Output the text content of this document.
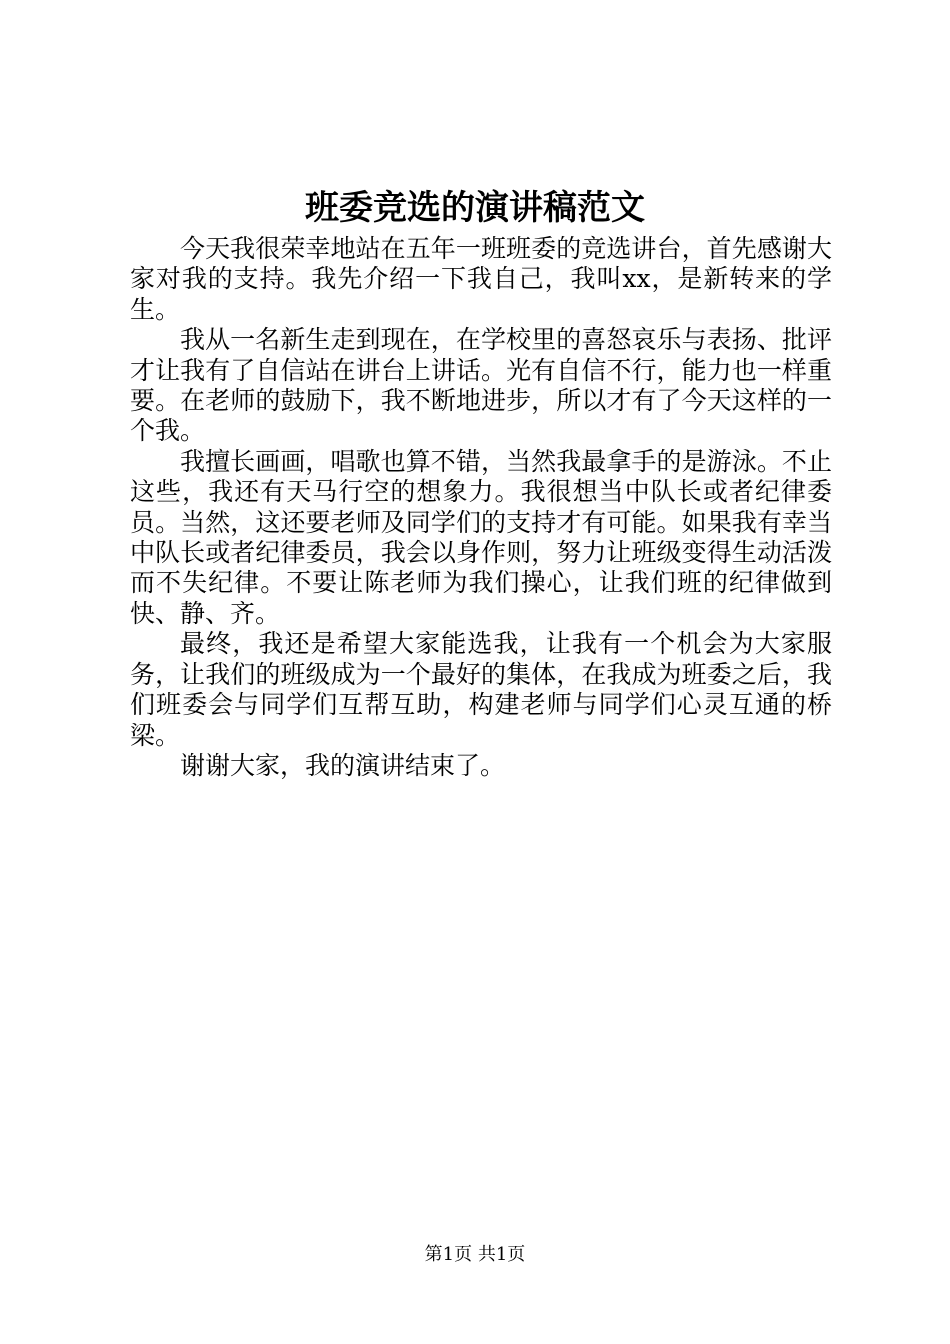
班委竞选的演讲稿范文

今天我很荣幸地站在五年一班班委的竞选讲台，首先感谢大家对我的支持。我先介绍一下我自己，我叫xx，是新转来的学生。

我从一名新生走到现在，在学校里的喜怒哀乐与表扬、批评才让我有了自信站在讲台上讲话。光有自信不行，能力也一样重要。在老师的鼓励下，我不断地进步，所以才有了今天这样的一个我。

我擅长画画，唱歌也算不错，当然我最拿手的是游泳。不止这些，我还有天马行空的想象力。我很想当中队长或者纪律委员。当然，这还要老师及同学们的支持才有可能。如果我有幸当中队长或者纪律委员，我会以身作则，努力让班级变得生动活泼而不失纪律。不要让陈老师为我们操心，让我们班的纪律做到快、静、齐。

最终，我还是希望大家能选我，让我有一个机会为大家服务，让我们的班级成为一个最好的集体，在我成为班委之后，我们班委会与同学们互帮互助，构建老师与同学们心灵互通的桥梁。

谢谢大家，我的演讲结束了。

第1页 共1页
